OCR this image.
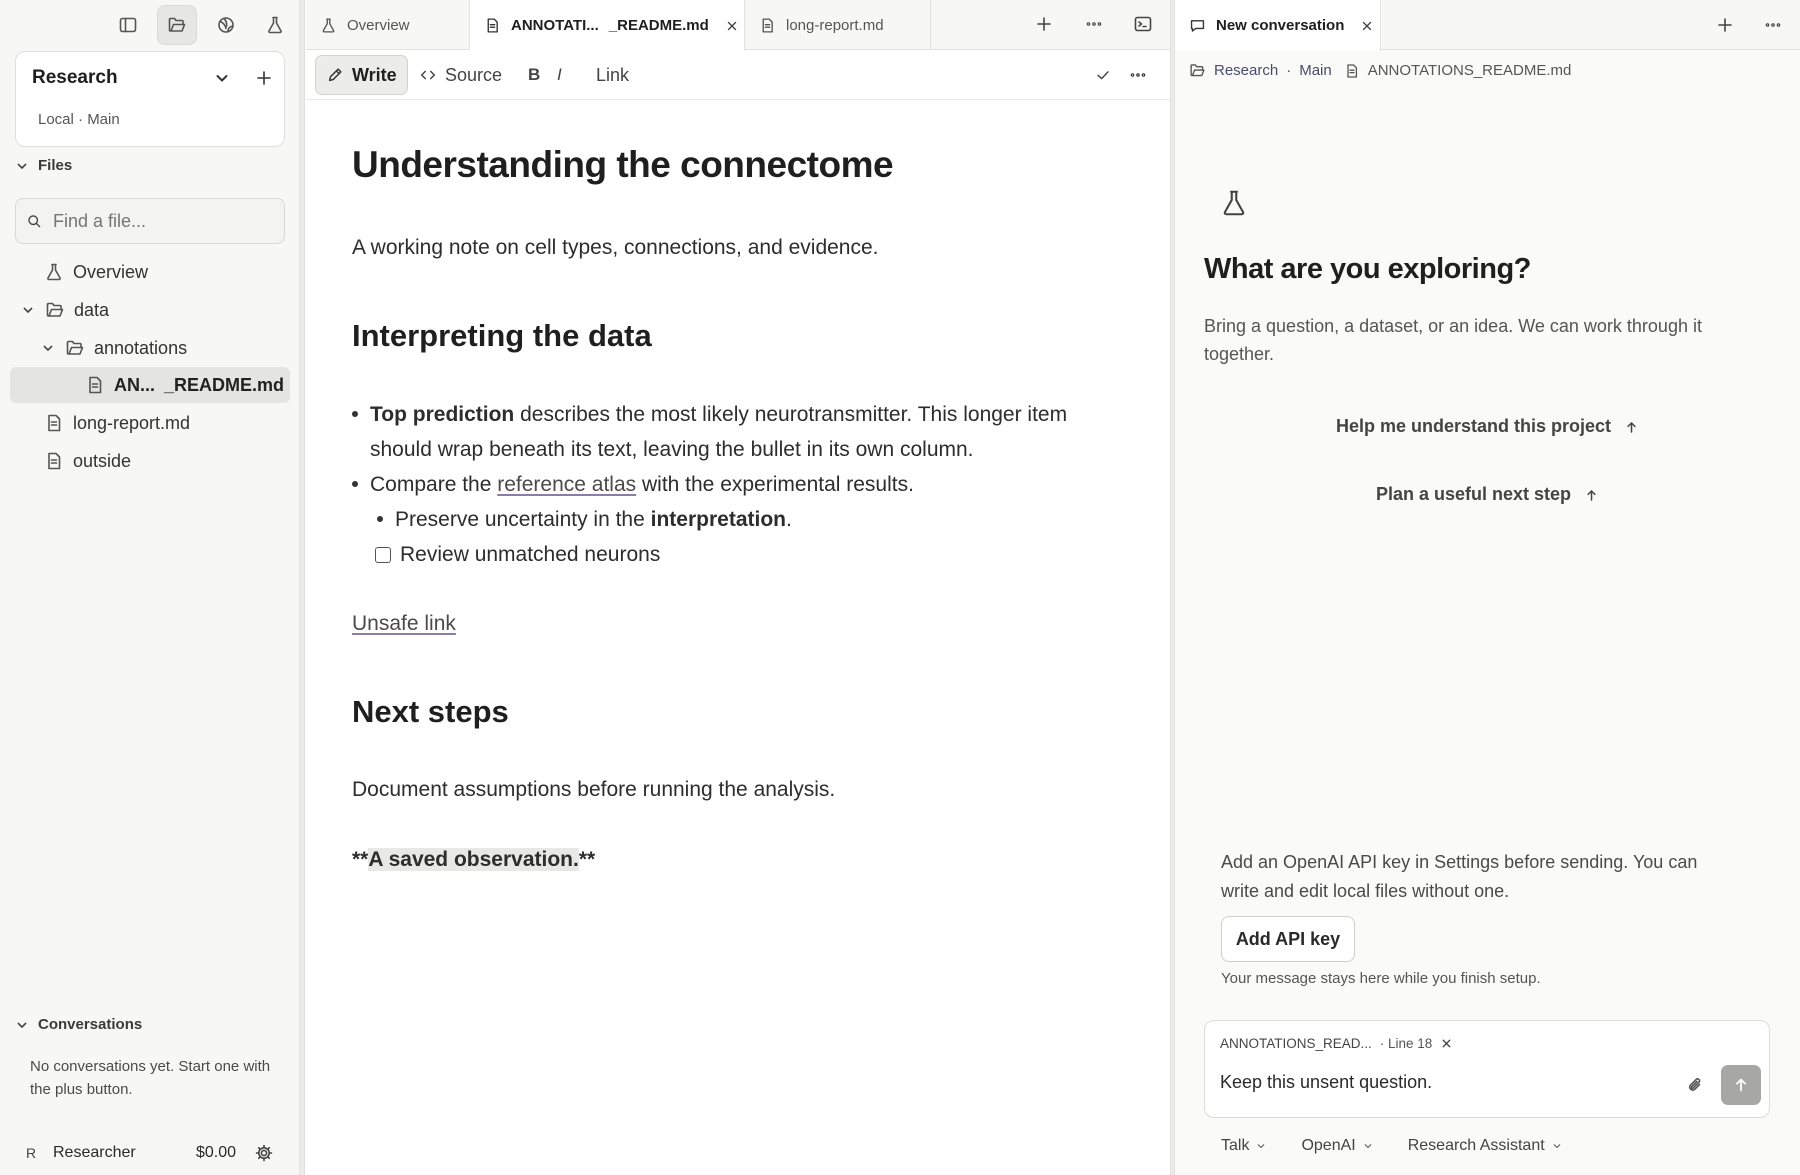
Research
Local · Main
Files
Find a file...
Overview
data
annotations
AN... _README.md
long-report.md
outside
Conversations
No conversations yet. Start one with the plus button.
R	Researcher	$0.00
Overview	ANNOTATI... _README.md	long-report.md
Write	Source B I Link
Understanding the connectome

A working note on cell types, connections, and evidence.

Interpreting the data
Top prediction describes the most likely neurotransmitter. This longer item
should wrap beneath its text, leaving the bullet in its own column.
Compare the reference atlas with the experimental results.
Preserve uncertainty in the interpretation.
Review unmatched neurons
Unsafe link
Next steps

Document assumptions before running the analysis.

**A saved observation.**

New conversation
Research · Main ANNOTATIONS_README.md
What are you exploring?

Bring a question, a dataset, or an idea. We can work through it together.

Help me understand this project
Plan a useful next step

Add an OpenAI API key in Settings before sending. You can write and edit local files without one.

Add API key

Your message stays here while you finish setup.

ANNOTATIONS_READ... · Line 18
Keep this unsent question.
Talk	OpenAI	Research Assistant
